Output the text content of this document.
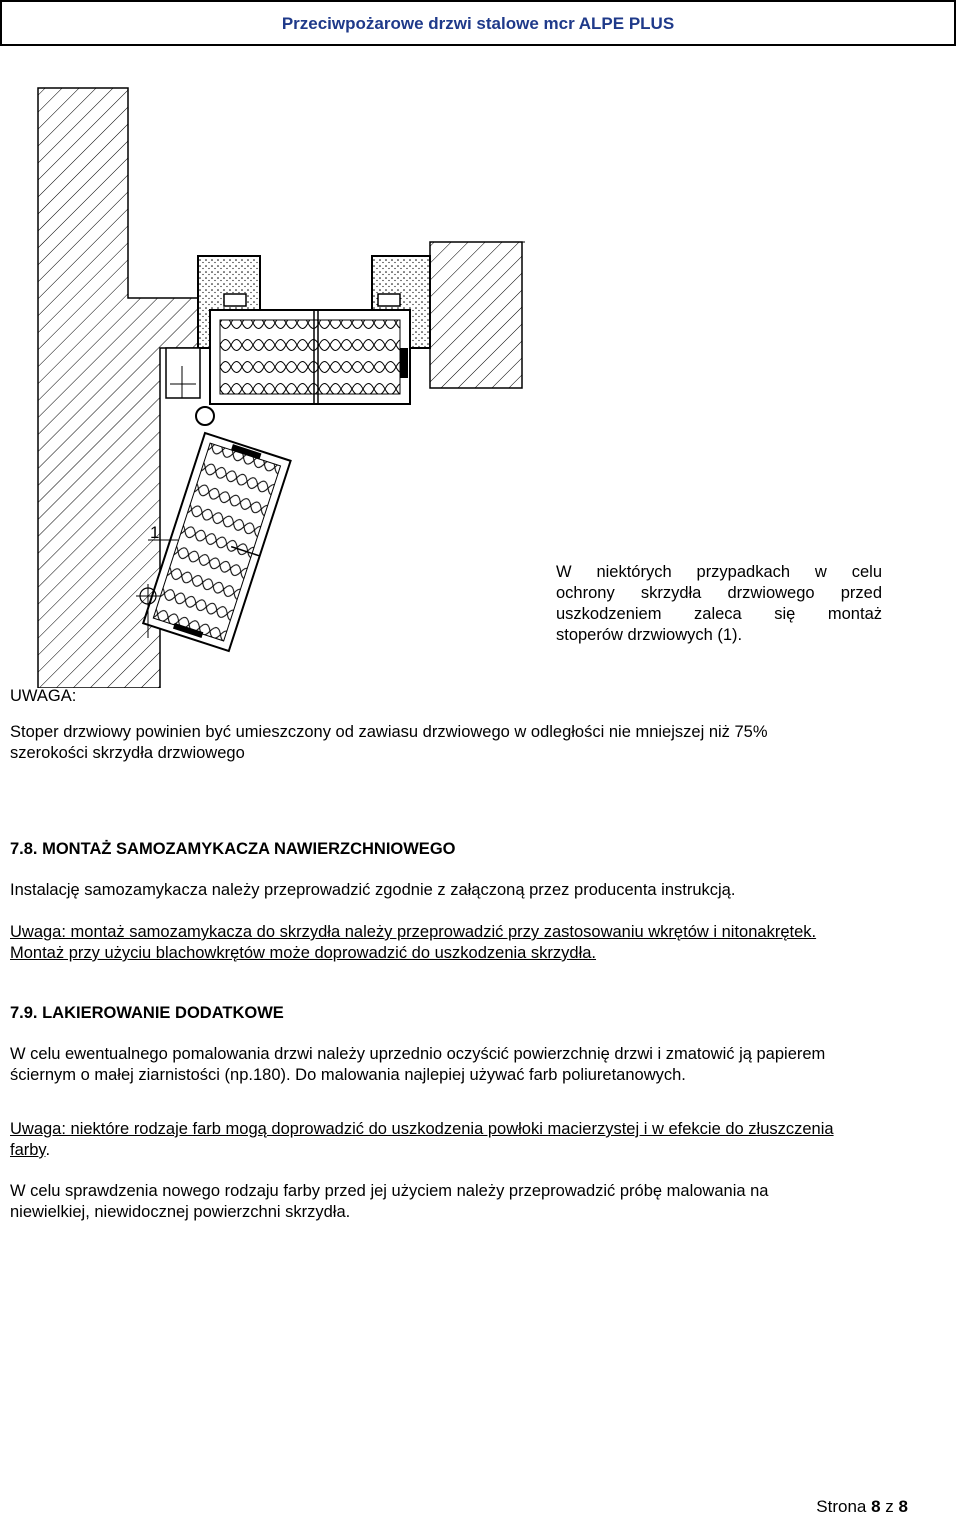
Przeciwpożarowe drzwi stalowe mcr ALPE PLUS
1
W niektórych przypadkach w celu
ochrony skrzydła drzwiowego przed
uszkodzeniem zaleca się montaż
stoperów drzwiowych (1).
UWAGA:
Stoper drzwiowy powinien być umieszczony od zawiasu drzwiowego w odległości nie mniejszej niż 75%
szerokości skrzydła drzwiowego
7.8. MONTAŻ SAMOZAMYKACZA NAWIERZCHNIOWEGO
Instalację samozamykacza należy przeprowadzić zgodnie z załączoną przez producenta instrukcją.
Uwaga: montaż samozamykacza do skrzydła należy przeprowadzić przy zastosowaniu wkrętów i nitonakrętek.
Montaż przy użyciu blachowkrętów może doprowadzić do uszkodzenia skrzydła.
7.9. LAKIEROWANIE DODATKOWE
W celu ewentualnego pomalowania drzwi należy uprzednio oczyścić powierzchnię drzwi i zmatowić ją papierem
ściernym o małej ziarnistości (np.180). Do malowania najlepiej używać farb poliuretanowych.
Uwaga: niektóre rodzaje farb mogą doprowadzić do uszkodzenia powłoki macierzystej i w efekcie do złuszczenia
farby.
W celu sprawdzenia nowego rodzaju farby przed jej użyciem należy przeprowadzić próbę malowania na
niewielkiej, niewidocznej powierzchni skrzydła.
Strona 8 z 8
